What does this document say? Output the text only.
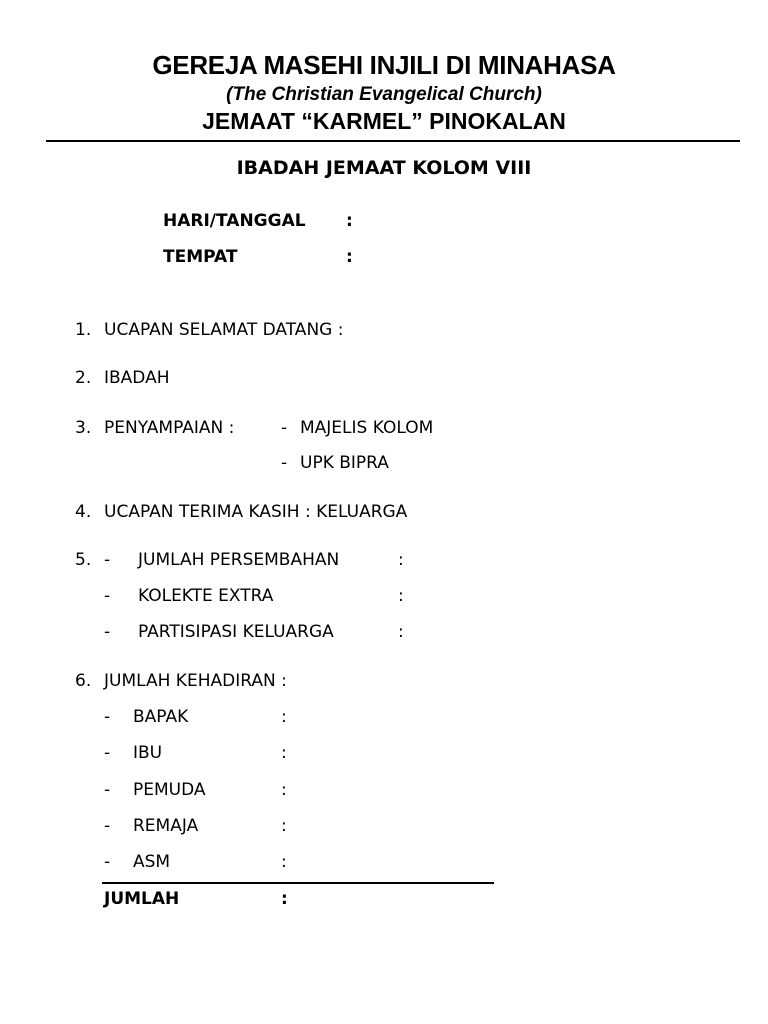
GEREJA MASEHI INJILI DI MINAHASA
(The Christian Evangelical Church)
JEMAAT “KARMEL” PINOKALAN
IBADAH JEMAAT KOLOM VIII
HARI/TANGGAL :
TEMPAT	:
1. UCAPAN SELAMAT DATANG :
2. IBADAH
3. PENYAMPAIAN :	- MAJELIS KOLOM
- UPK BIPRA
4. UCAPAN TERIMA KASIH : KELUARGA
5. - JUMLAH PERSEMBAHAN	:
- KOLEKTE EXTRA	:
- PARTISIPASI KELUARGA	:
6. JUMLAH KEHADIRAN :
- BAPAK	:
- IBU	:
- PEMUDA	:
- REMAJA	:
- ASM	:
JUMLAH	:
